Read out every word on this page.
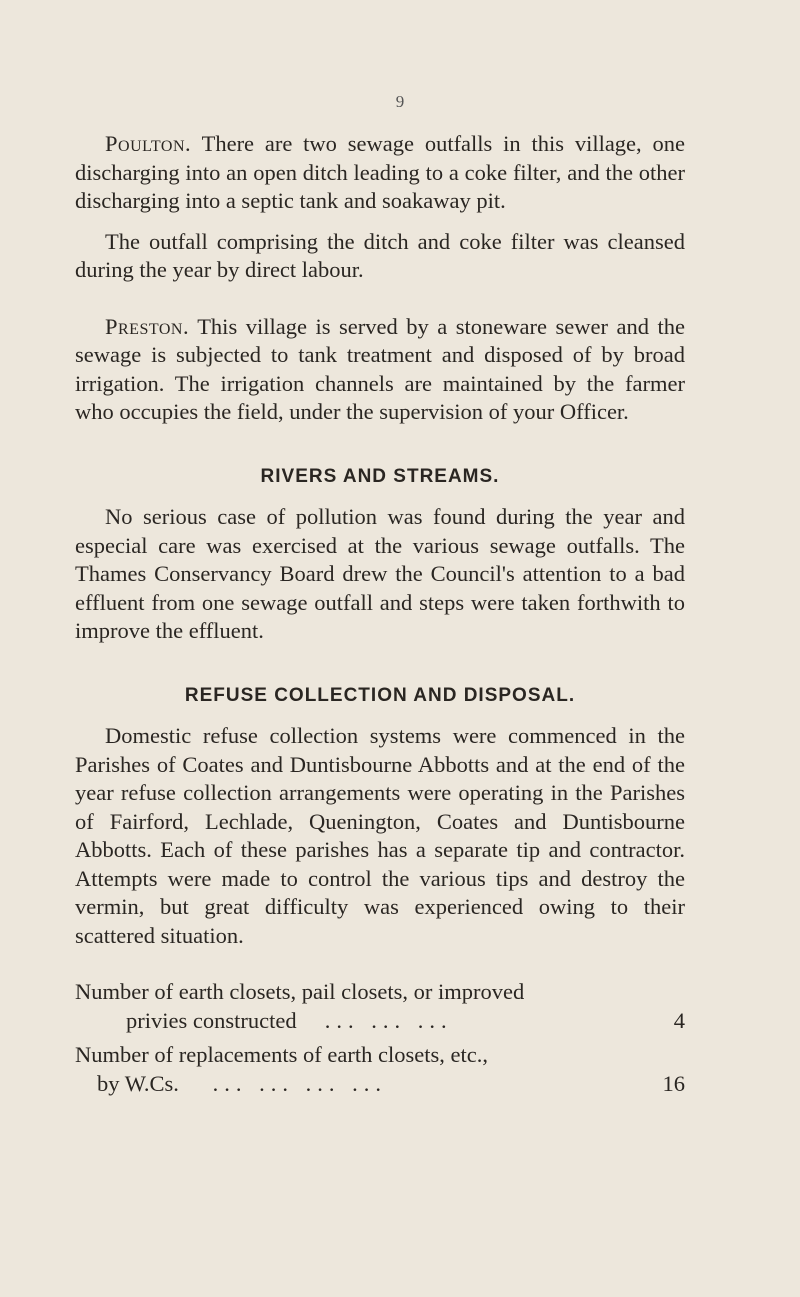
9

Poulton. There are two sewage outfalls in this village, one discharging into an open ditch leading to a coke filter, and the other discharging into a septic tank and soakaway pit.

The outfall comprising the ditch and coke filter was cleansed during the year by direct labour.

Preston. This village is served by a stoneware sewer and the sewage is subjected to tank treatment and disposed of by broad irrigation. The irrigation channels are maintained by the farmer who occupies the field, under the supervision of your Officer.

RIVERS AND STREAMS.

No serious case of pollution was found during the year and especial care was exercised at the various sewage outfalls. The Thames Conservancy Board drew the Council's attention to a bad effluent from one sewage outfall and steps were taken forthwith to improve the effluent.

REFUSE COLLECTION AND DISPOSAL.

Domestic refuse collection systems were commenced in the Parishes of Coates and Duntisbourne Abbotts and at the end of the year refuse collection arrangements were operating in the Parishes of Fairford, Lechlade, Quenington, Coates and Duntisbourne Abbotts. Each of these parishes has a separate tip and contractor. Attempts were made to control the various tips and destroy the vermin, but great difficulty was experienced owing to their scattered situation.

Number of earth closets, pail closets, or improved
privies constructed ... ... ...	4
Number of replacements of earth closets, etc.,
by W.Cs. ... ... ... ...	16
